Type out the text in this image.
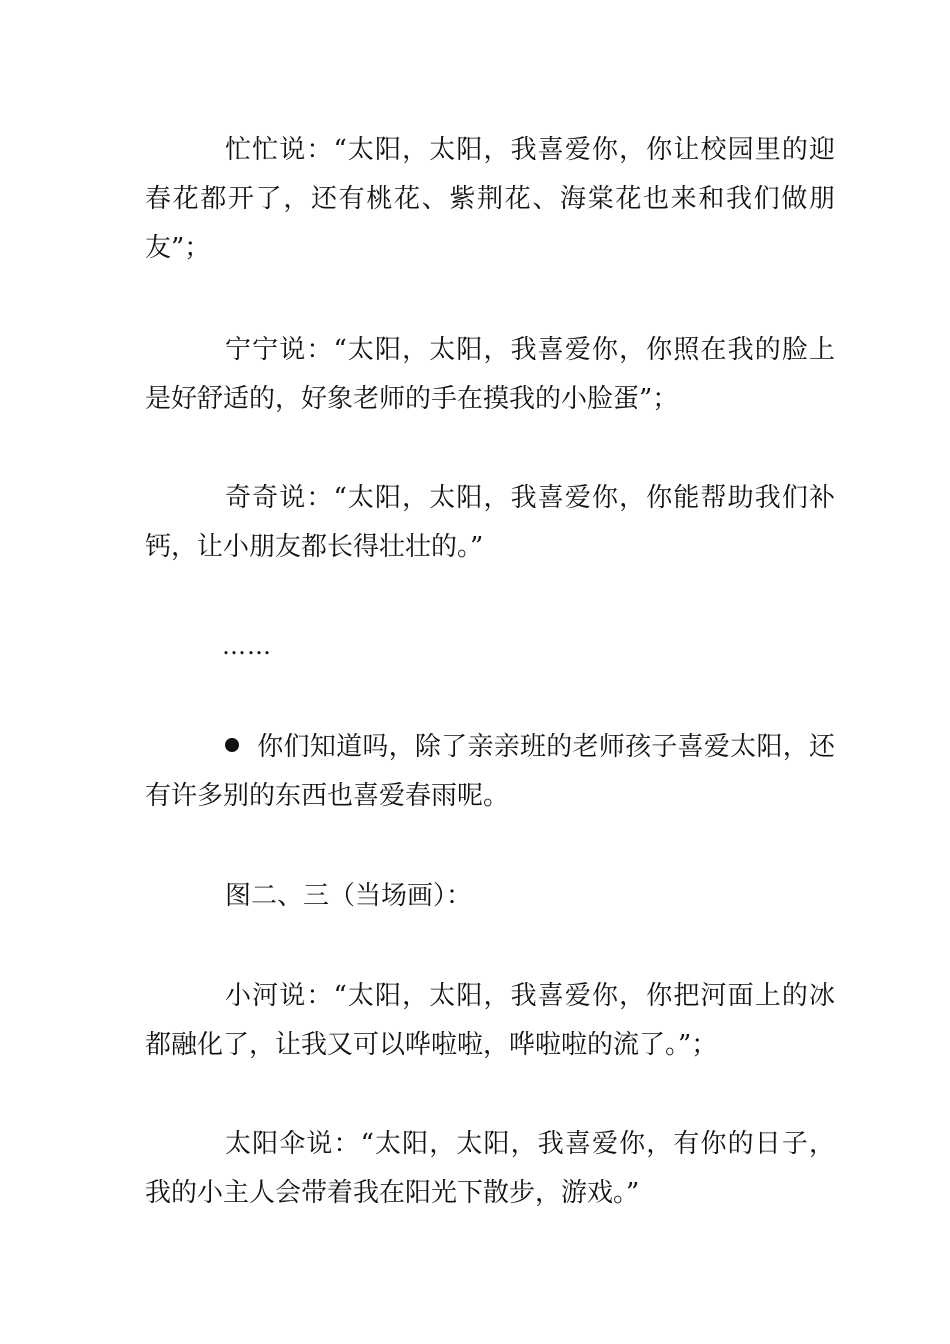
忙忙说：“太阳，太阳，我喜爱你，你让校园里的迎春花都开了，还有桃花、紫荆花、海棠花也来和我们做朋友”；

宁宁说：“太阳，太阳，我喜爱你，你照在我的脸上是好舒适的，好象老师的手在摸我的小脸蛋”；

奇奇说：“太阳，太阳，我喜爱你，你能帮助我们补钙，让小朋友都长得壮壮的。”

……

你们知道吗，除了亲亲班的老师孩子喜爱太阳，还有许多别的东西也喜爱春雨呢。

图二、三（当场画）：

小河说：“太阳，太阳，我喜爱你，你把河面上的冰都融化了，让我又可以哗啦啦，哗啦啦的流了。”；

太阳伞说：“太阳，太阳，我喜爱你，有你的日子，我的小主人会带着我在阳光下散步，游戏。”
